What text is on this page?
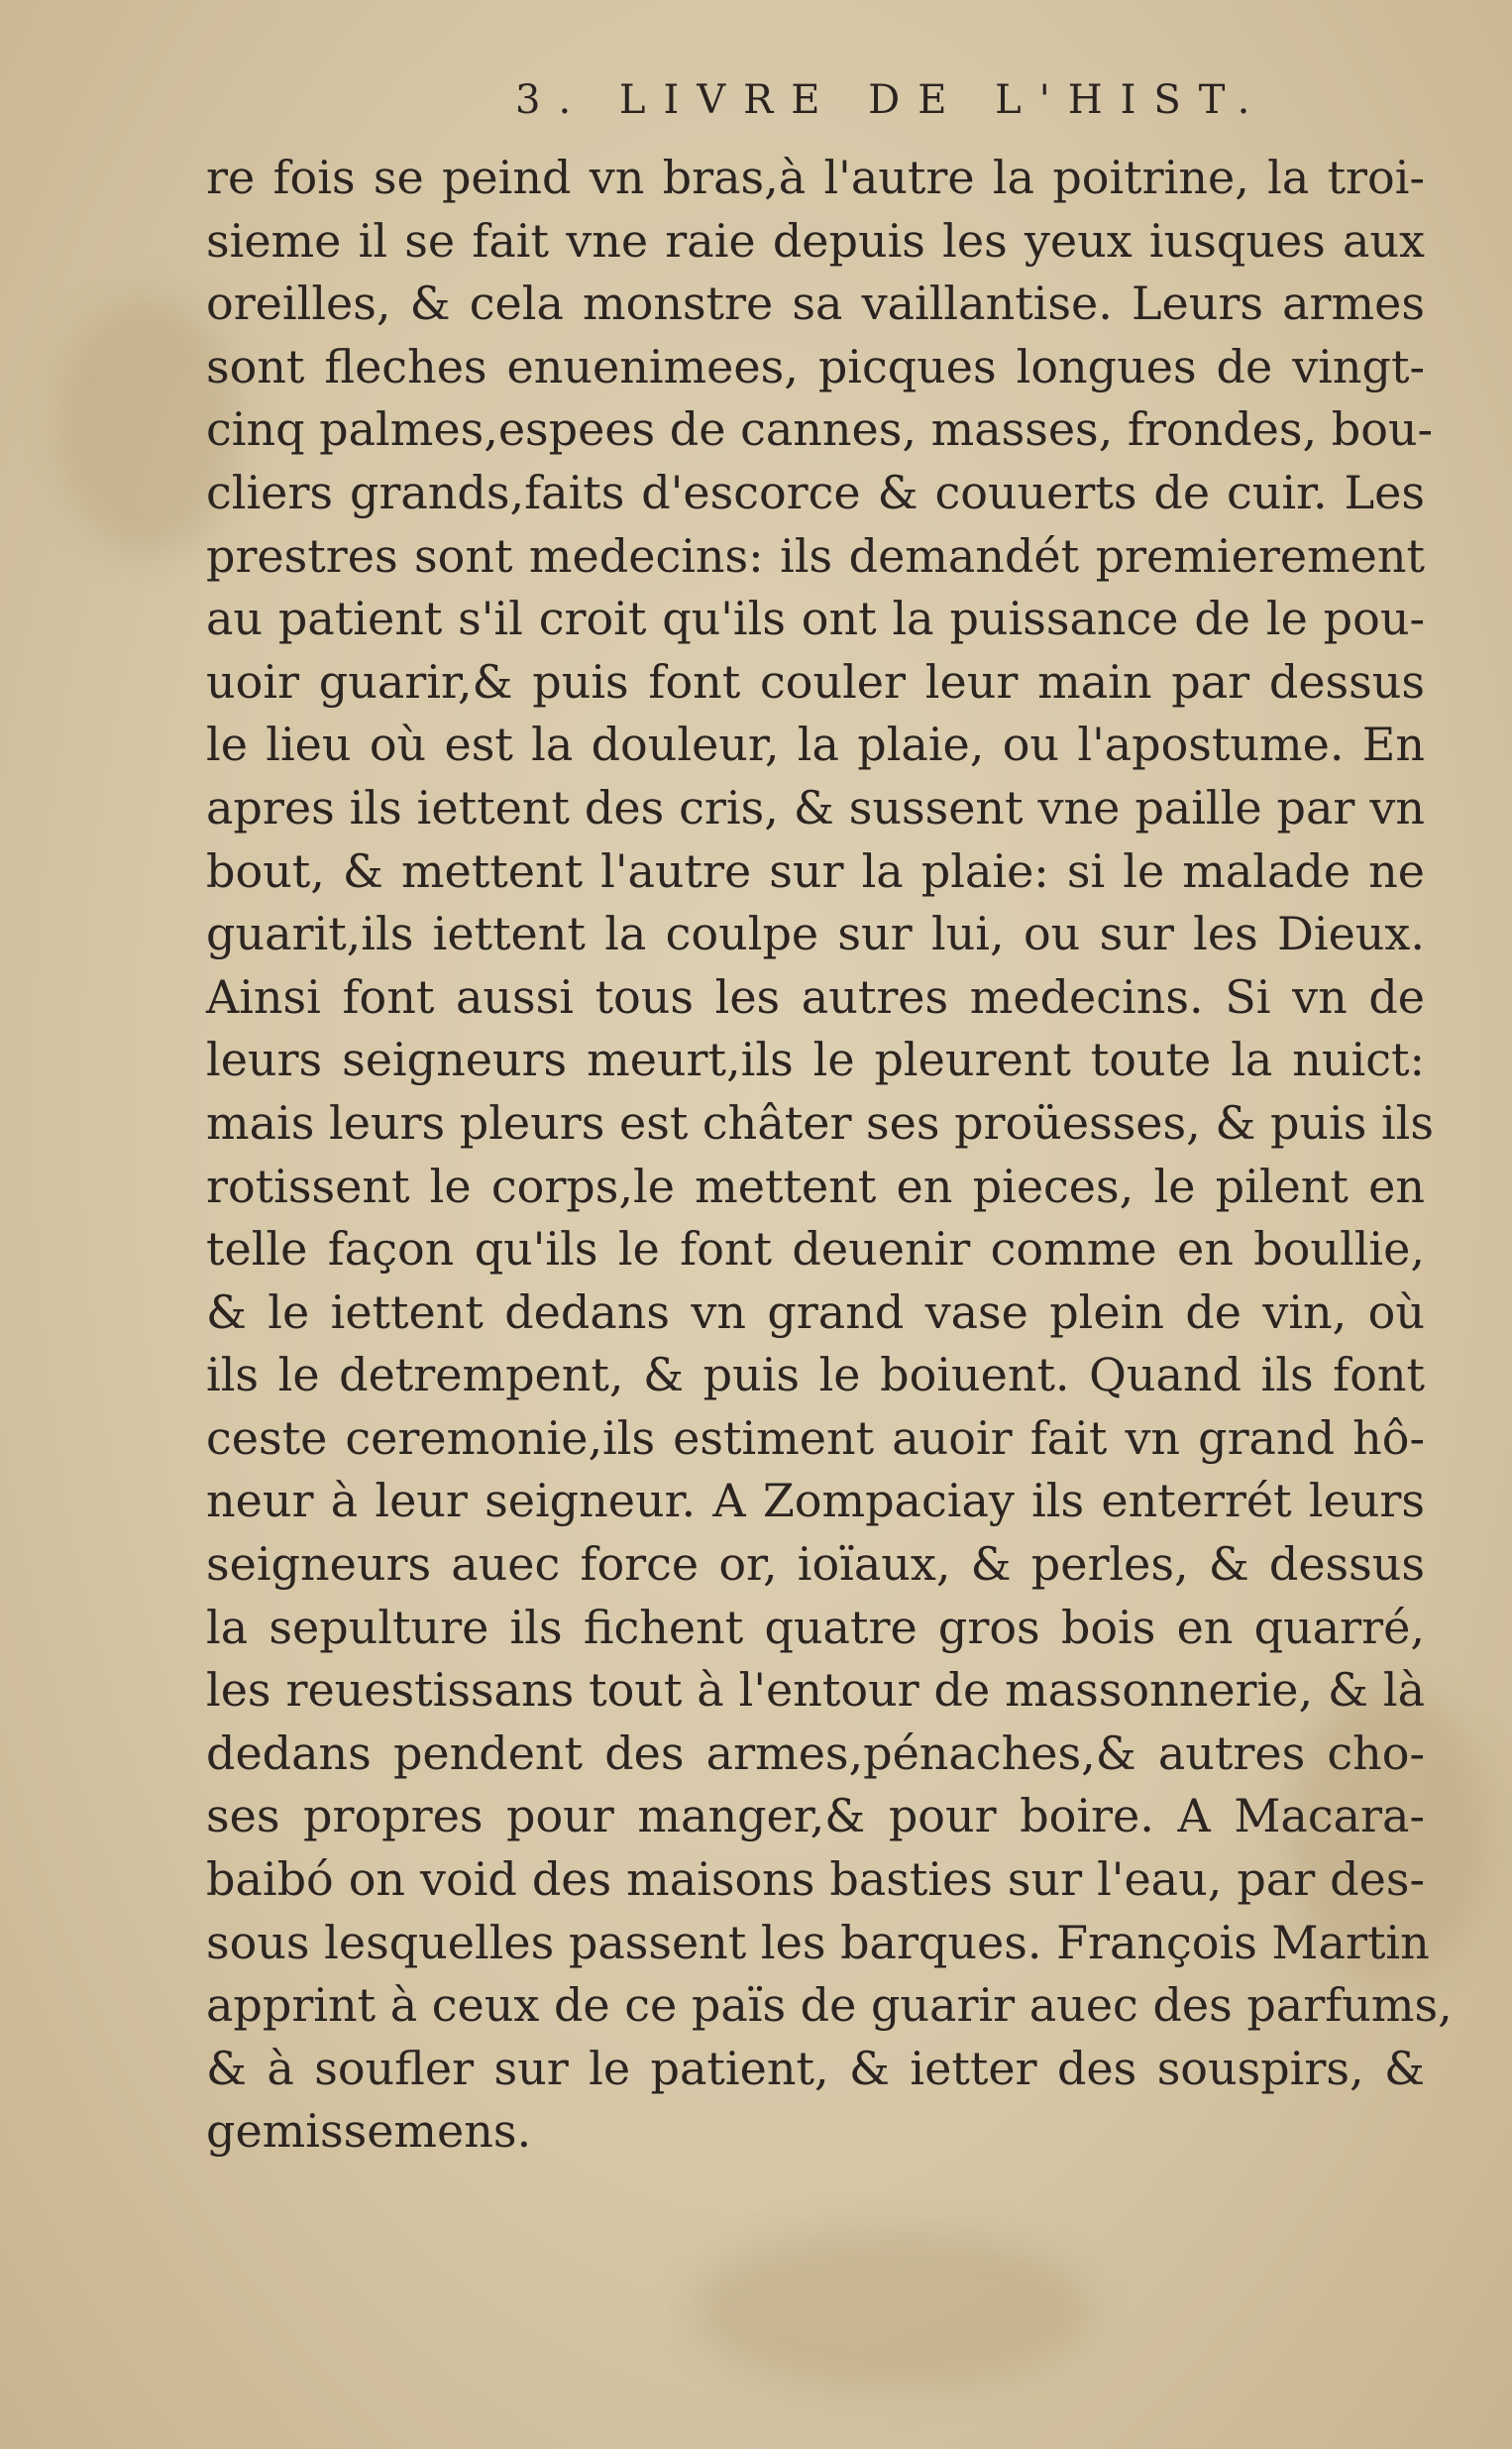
3. LIVRE DE L'HIST.
re fois se peind vn bras,à l'autre la poitrine, la troi-
sieme il se fait vne raie depuis les yeux iusques aux
oreilles, & cela monstre sa vaillantise. Leurs armes
sont fleches enuenimees, picques longues de vingt-
cinq palmes,espees de cannes, masses, frondes, bou-
cliers grands,faits d'escorce & couuerts de cuir. Les
prestres sont medecins: ils demandét premierement
au patient s'il croit qu'ils ont la puissance de le pou-
uoir guarir,& puis font couler leur main par dessus
le lieu où est la douleur, la plaie, ou l'apostume. En
apres ils iettent des cris, & sussent vne paille par vn
bout, & mettent l'autre sur la plaie: si le malade ne
guarit,ils iettent la coulpe sur lui, ou sur les Dieux.
Ainsi font aussi tous les autres medecins. Si vn de
leurs seigneurs meurt,ils le pleurent toute la nuict:
mais leurs pleurs est châter ses proüesses, & puis ils
rotissent le corps,le mettent en pieces, le pilent en
telle façon qu'ils le font deuenir comme en boullie,
& le iettent dedans vn grand vase plein de vin, où
ils le detrempent, & puis le boiuent. Quand ils font
ceste ceremonie,ils estiment auoir fait vn grand hô-
neur à leur seigneur. A Zompaciay ils enterrét leurs
seigneurs auec force or, ioïaux, & perles, & dessus
la sepulture ils fichent quatre gros bois en quarré,
les reuestissans tout à l'entour de massonnerie, & là
dedans pendent des armes,pénaches,& autres cho-
ses propres pour manger,& pour boire. A Macara-
baibó on void des maisons basties sur l'eau, par des-
sous lesquelles passent les barques. François Martin
apprint à ceux de ce païs de guarir auec des parfums,
& à soufler sur le patient, & ietter des souspirs, &
gemissemens.
